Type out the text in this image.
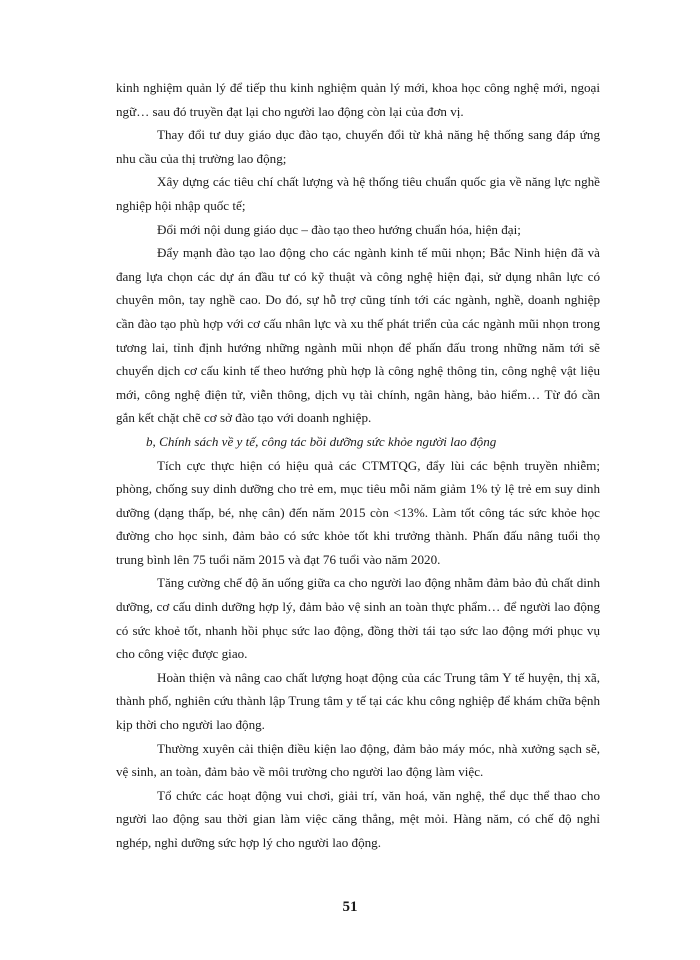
kinh nghiệm quản lý để tiếp thu kinh nghiệm quản lý mới, khoa học công nghệ mới, ngoại ngữ… sau đó truyền đạt lại cho người lao động còn lại của đơn vị.

Thay đổi tư duy giáo dục đào tạo, chuyển đổi từ khả năng hệ thống sang đáp ứng nhu cầu của thị trường lao động;

Xây dựng các tiêu chí chất lượng và hệ thống tiêu chuẩn quốc gia về năng lực nghề nghiệp hội nhập quốc tế;

Đổi mới nội dung giáo dục – đào tạo theo hướng chuẩn hóa, hiện đại;

Đẩy mạnh đào tạo lao động cho các ngành kinh tế mũi nhọn; Bắc Ninh hiện đã và đang lựa chọn các dự án đầu tư có kỹ thuật và công nghệ hiện đại, sử dụng nhân lực có chuyên môn, tay nghề cao. Do đó, sự hỗ trợ cũng tính tới các ngành, nghề, doanh nghiệp cần đào tạo phù hợp với cơ cấu nhân lực và xu thế phát triển của các ngành mũi nhọn trong tương lai, tỉnh định hướng những ngành mũi nhọn để phấn đấu trong những năm tới sẽ chuyển dịch cơ cấu kinh tế theo hướng phù hợp là công nghệ thông tin, công nghệ vật liệu mới, công nghệ điện tử, viễn thông, dịch vụ tài chính, ngân hàng, bảo hiểm… Từ đó cần gắn kết chặt chẽ cơ sở đào tạo với doanh nghiệp.

b, Chính sách về y tế, công tác bồi dưỡng sức khỏe người lao động

Tích cực thực hiện có hiệu quả các CTMTQG, đẩy lùi các bệnh truyền nhiễm; phòng, chống suy dinh dưỡng cho trẻ em, mục tiêu mỗi năm giảm 1% tỷ lệ trẻ em suy dinh dưỡng (dạng thấp, bé, nhẹ cân) đến năm 2015 còn <13%. Làm tốt công tác sức khỏe học đường cho học sinh, đảm bảo có sức khỏe tốt khi trưởng thành. Phấn đấu nâng tuổi thọ trung bình lên 75 tuổi năm 2015 và đạt 76 tuổi vào năm 2020.

Tăng cường chế độ ăn uống giữa ca cho người lao động nhằm đảm bảo đủ chất dinh dưỡng, cơ cấu dinh dưỡng hợp lý, đảm bảo vệ sinh an toàn thực phẩm… để người lao động có sức khoẻ tốt, nhanh hồi phục sức lao động, đồng thời tái tạo sức lao động mới phục vụ cho công việc được giao.

Hoàn thiện và nâng cao chất lượng hoạt động của các Trung tâm Y tế huyện, thị xã, thành phố, nghiên cứu thành lập Trung tâm y tế tại các khu công nghiệp để khám chữa bệnh kịp thời cho người lao động.

Thường xuyên cải thiện điều kiện lao động, đảm bảo máy móc, nhà xưởng sạch sẽ, vệ sinh, an toàn, đảm bảo về môi trường cho người lao động làm việc.

Tổ chức các hoạt động vui chơi, giải trí, văn hoá, văn nghệ, thể dục thể thao cho người lao động sau thời gian làm việc căng thẳng, mệt mỏi. Hàng năm, có chế độ nghỉ nghép, nghỉ dưỡng sức hợp lý cho người lao động.

51
